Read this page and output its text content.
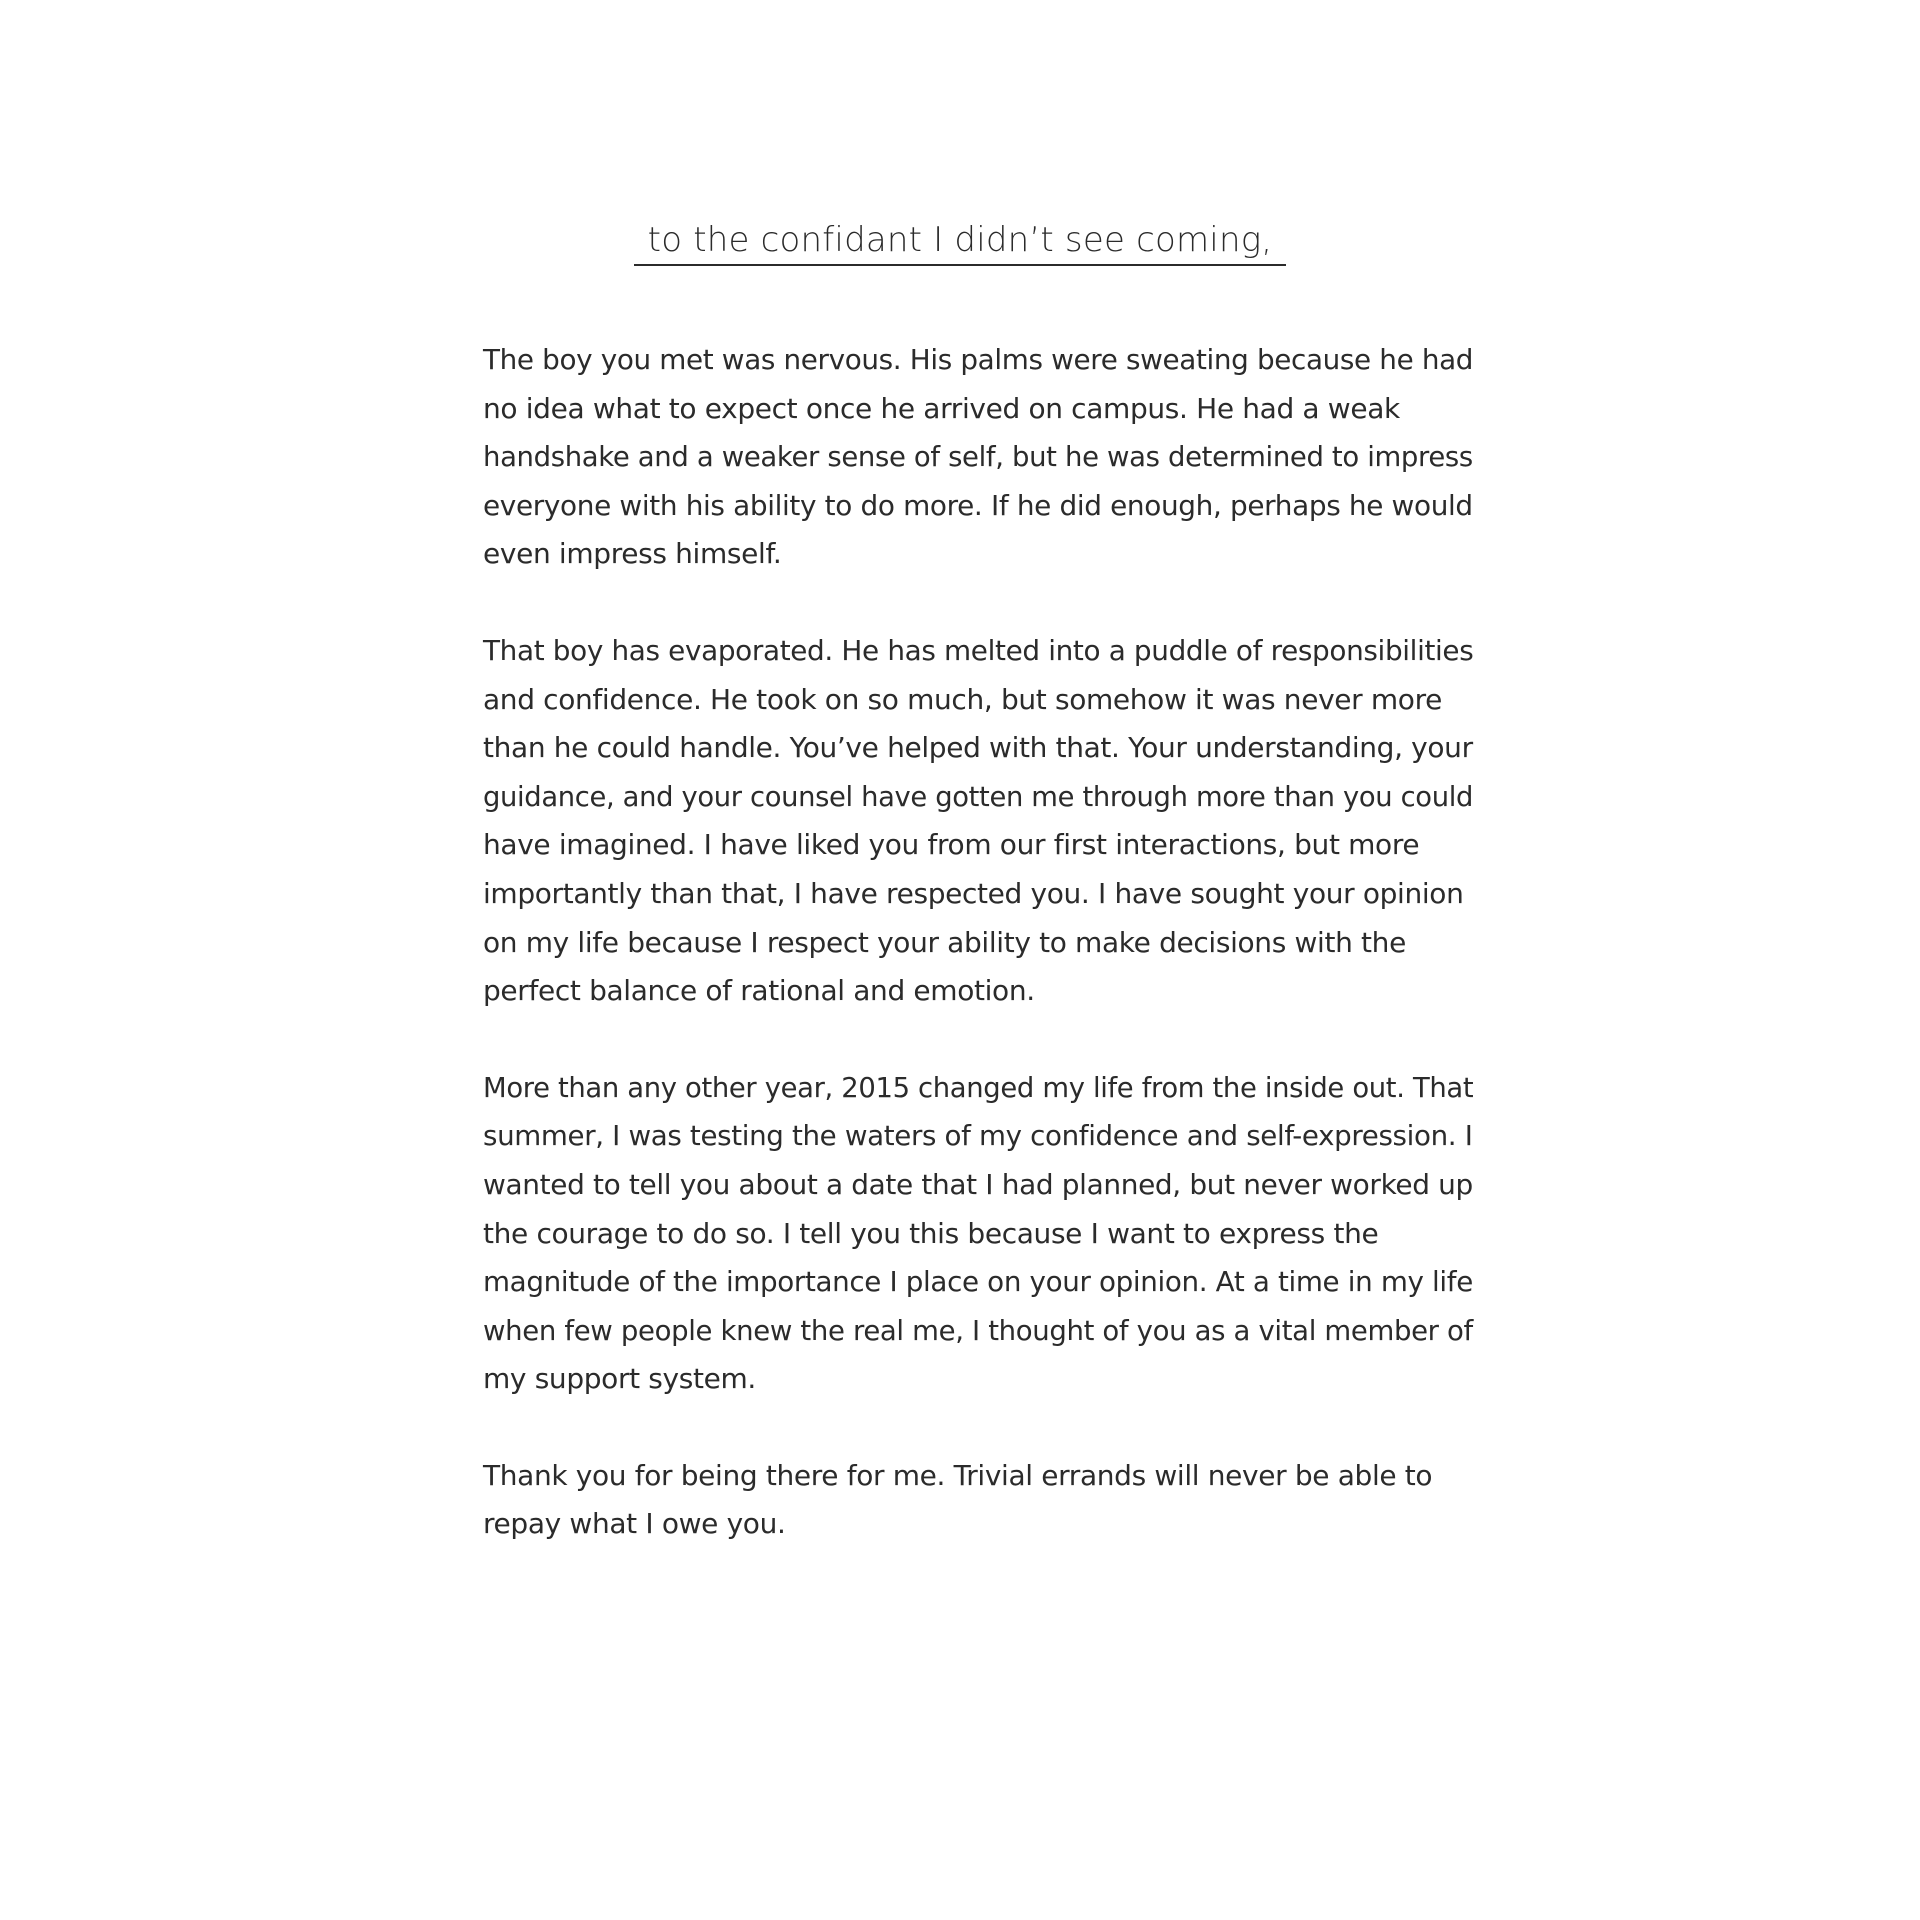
to the confidant I didn’t see coming,
The boy you met was nervous. His palms were sweating because he had
no idea what to expect once he arrived on campus. He had a weak
handshake and a weaker sense of self, but he was determined to impress
everyone with his ability to do more. If he did enough, perhaps he would
even impress himself.
That boy has evaporated. He has melted into a puddle of responsibilities
and confidence. He took on so much, but somehow it was never more
than he could handle. You’ve helped with that. Your understanding, your
guidance, and your counsel have gotten me through more than you could
have imagined. I have liked you from our first interactions, but more
importantly than that, I have respected you. I have sought your opinion
on my life because I respect your ability to make decisions with the
perfect balance of rational and emotion.
More than any other year, 2015 changed my life from the inside out. That
summer, I was testing the waters of my confidence and self-expression. I
wanted to tell you about a date that I had planned, but never worked up
the courage to do so. I tell you this because I want to express the
magnitude of the importance I place on your opinion. At a time in my life
when few people knew the real me, I thought of you as a vital member of
my support system.
Thank you for being there for me. Trivial errands will never be able to
repay what I owe you.
